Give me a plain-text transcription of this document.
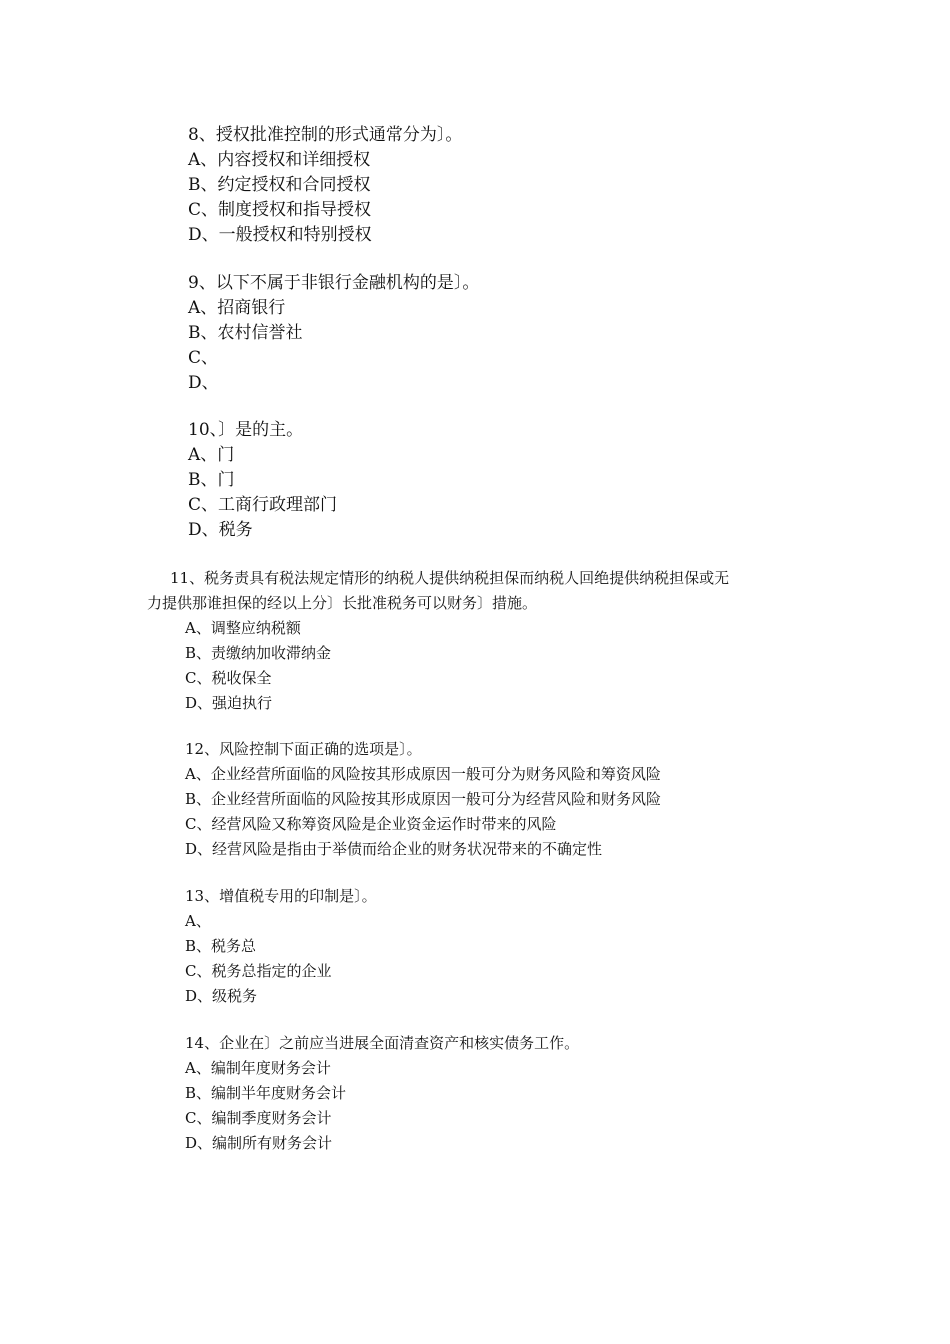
8、授权批准控制的形式通常分为〕。
A、内容授权和详细授权
B、约定授权和合同授权
C、制度授权和指导授权
D、一般授权和特别授权
9、以下不属于非银行金融机构的是〕。
A、招商银行
B、农村信誉社
C、
D、
10、〕是的主。
A、门
B、门
C、工商行政理部门
D、税务
11、税务责具有税法规定情形的纳税人提供纳税担保而纳税人回绝提供纳税担保或无
力提供那谁担保的经以上分〕长批准税务可以财务〕措施。
A、调整应纳税额
B、责缴纳加收滞纳金
C、税收保全
D、强迫执行
12、风险控制下面正确的选项是〕。
A、企业经营所面临的风险按其形成原因一般可分为财务风险和筹资风险
B、企业经营所面临的风险按其形成原因一般可分为经营风险和财务风险
C、经营风险又称筹资风险是企业资金运作时带来的风险
D、经营风险是指由于举债而给企业的财务状况带来的不确定性
13、增值税专用的印制是〕。
A、
B、税务总
C、税务总指定的企业
D、级税务
14、企业在〕之前应当进展全面清查资产和核实债务工作。
A、编制年度财务会计
B、编制半年度财务会计
C、编制季度财务会计
D、编制所有财务会计
